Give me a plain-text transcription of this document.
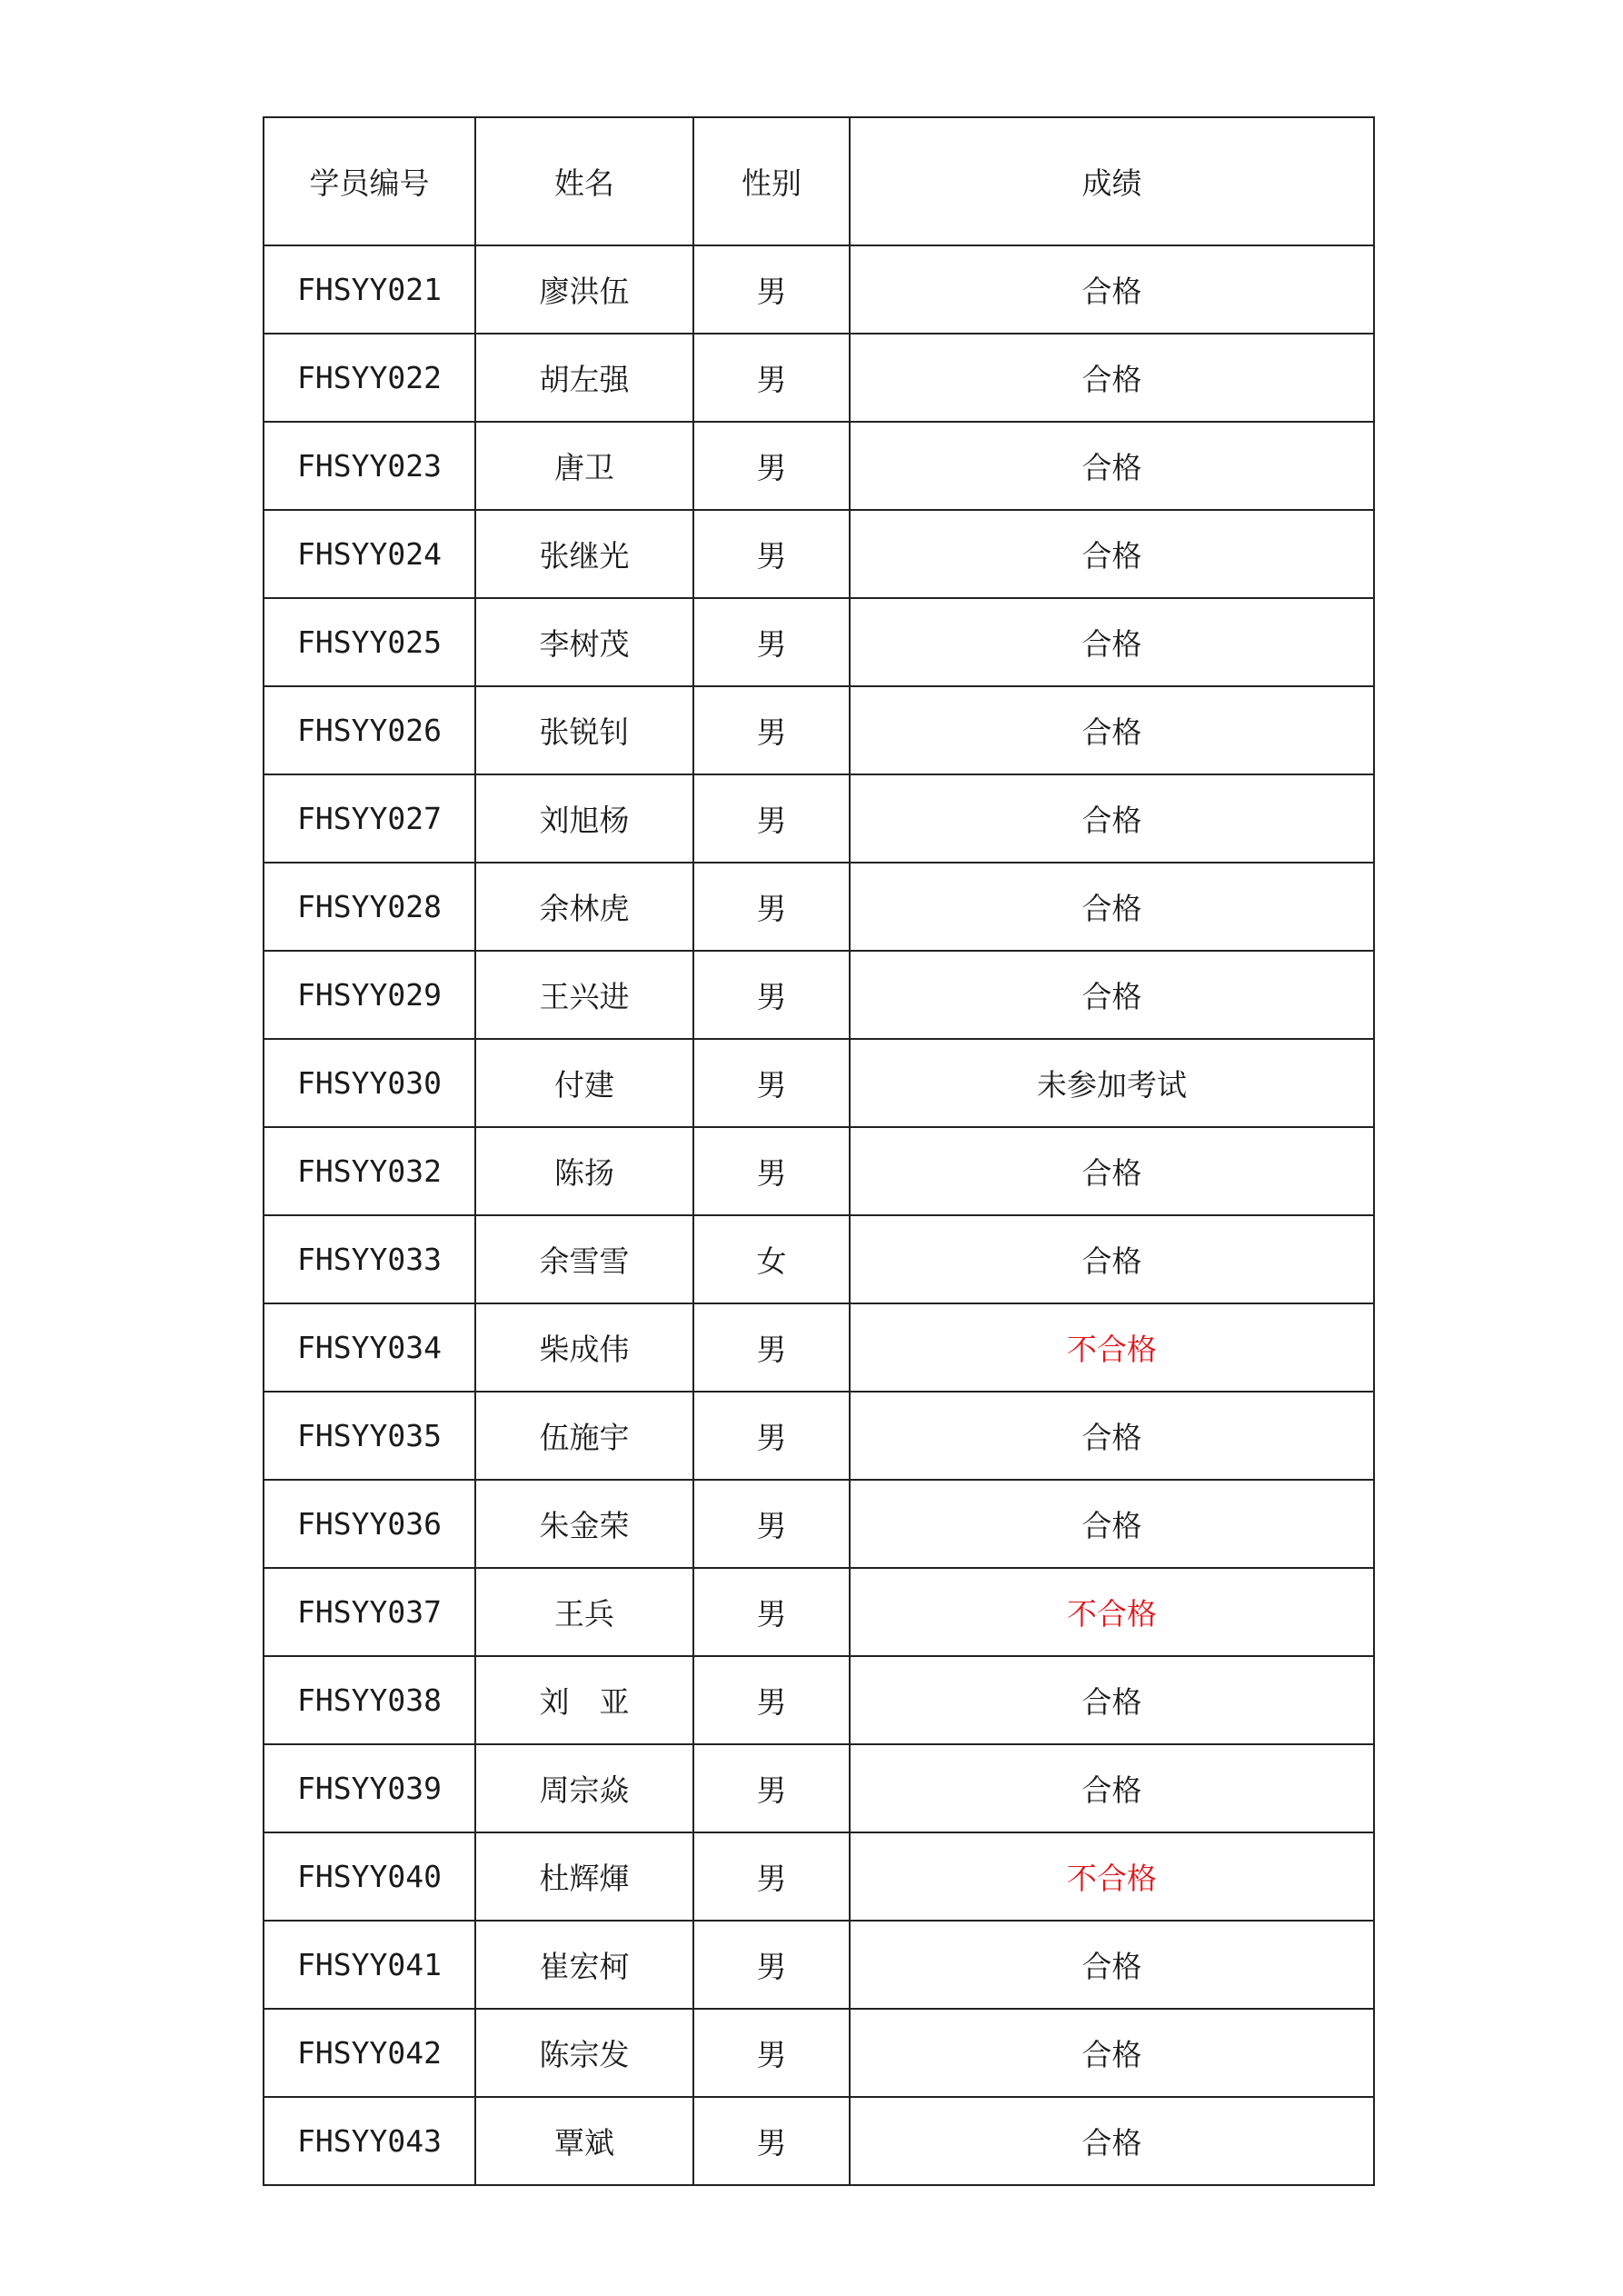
学员编号	姓名	性别	成绩
FHSYY021	廖洪伍	男	合格
FHSYY022	胡左强	男	合格
FHSYY023	唐卫	男	合格
FHSYY024	张继光	男	合格
FHSYY025	李树茂	男	合格
FHSYY026	张锐钊	男	合格
FHSYY027	刘旭杨	男	合格
FHSYY028	余林虎	男	合格
FHSYY029	王兴进	男	合格
FHSYY030	付建	男	未参加考试
FHSYY032	陈扬	男	合格
FHSYY033	余雪雪	女	合格
FHSYY034	柴成伟	男	不合格
FHSYY035	伍施宇	男	合格
FHSYY036	朱金荣	男	合格
FHSYY037	王兵	男	不合格
FHSYY038	刘　亚	男	合格
FHSYY039	周宗焱	男	合格
FHSYY040	杜辉煇	男	不合格
FHSYY041	崔宏柯	男	合格
FHSYY042	陈宗发	男	合格
FHSYY043	覃斌	男	合格
